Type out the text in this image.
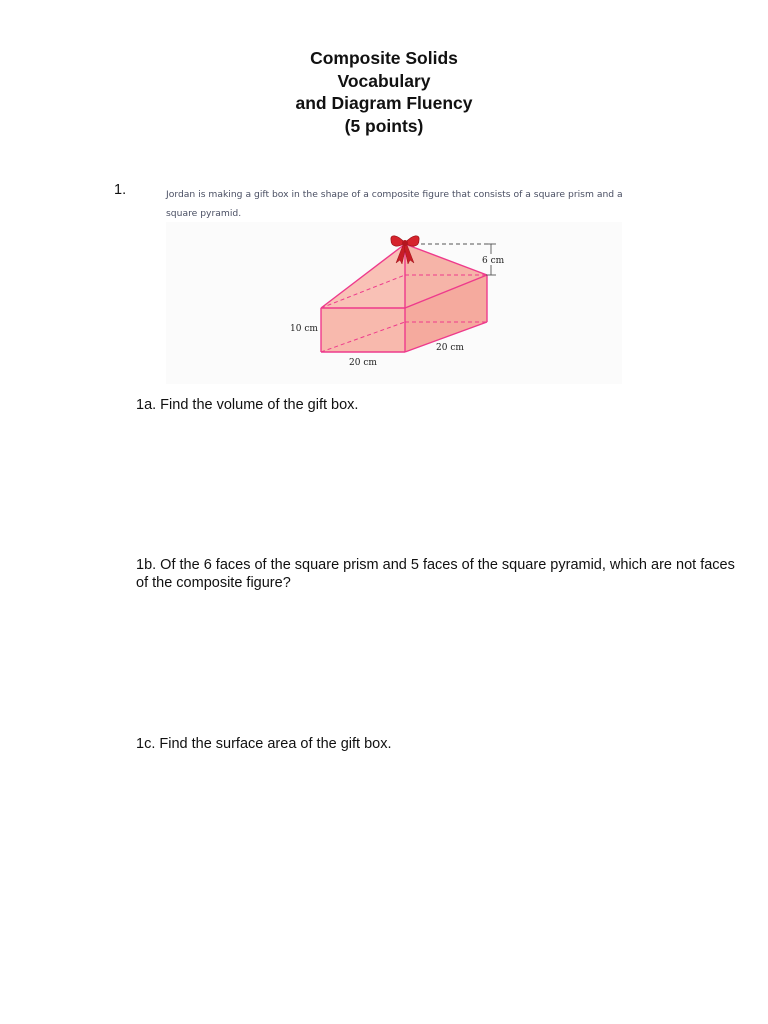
Composite Solids
Vocabulary
and Diagram Fluency
(5 points)
1.	Jordan is making a gift box in the shape of a composite figure that consists of a square prism and a square pyramid.
10 cm
20 cm
20 cm
6 cm
1a. Find the volume of the gift box.
1b. Of the 6 faces of the square prism and 5 faces of the square pyramid, which are not faces of the composite figure?
1c. Find the surface area of the gift box.
